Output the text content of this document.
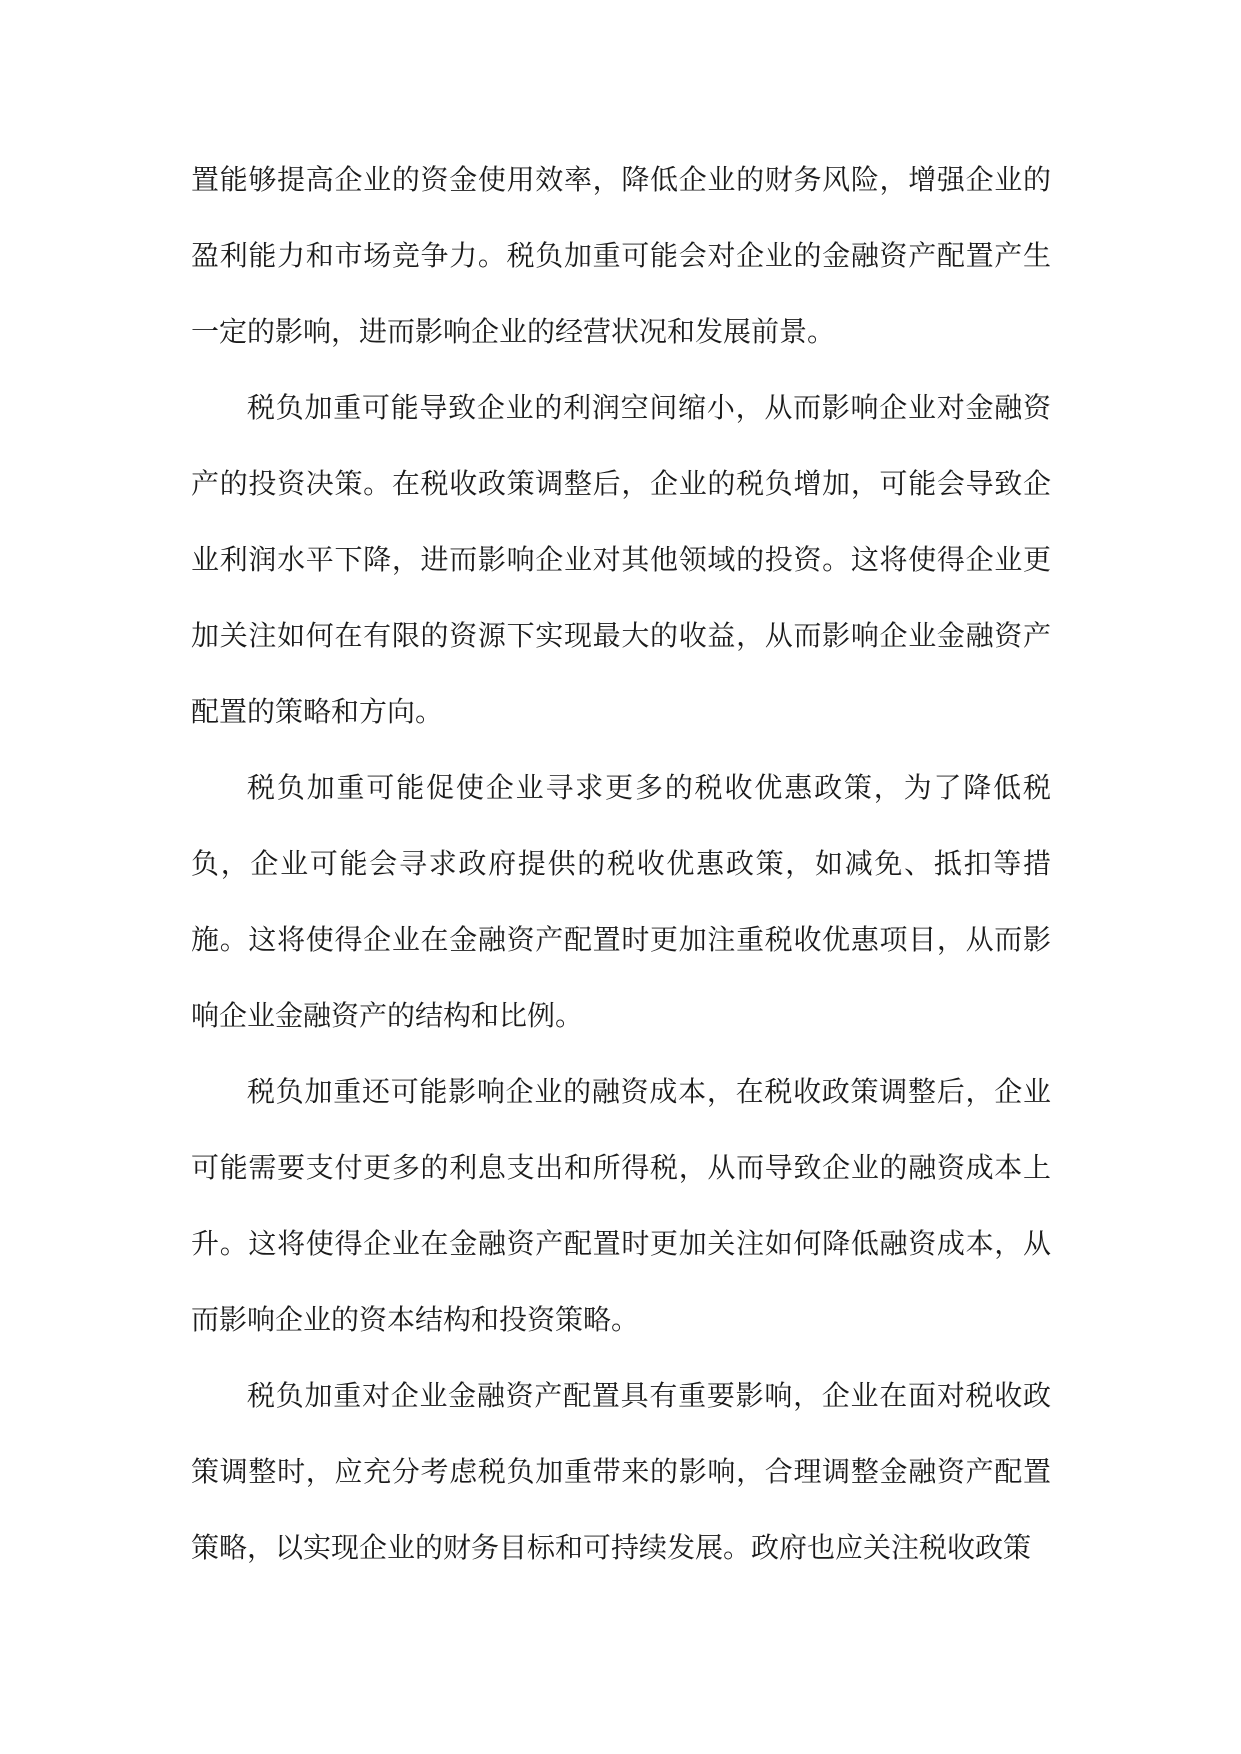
置能够提高企业的资金使用效率，降低企业的财务风险，增强企业的盈利能力和市场竞争力。税负加重可能会对企业的金融资产配置产生一定的影响，进而影响企业的经营状况和发展前景。

税负加重可能导致企业的利润空间缩小，从而影响企业对金融资产的投资决策。在税收政策调整后，企业的税负增加，可能会导致企业利润水平下降，进而影响企业对其他领域的投资。这将使得企业更加关注如何在有限的资源下实现最大的收益，从而影响企业金融资产配置的策略和方向。

税负加重可能促使企业寻求更多的税收优惠政策，为了降低税负，企业可能会寻求政府提供的税收优惠政策，如减免、抵扣等措施。这将使得企业在金融资产配置时更加注重税收优惠项目，从而影响企业金融资产的结构和比例。

税负加重还可能影响企业的融资成本，在税收政策调整后，企业可能需要支付更多的利息支出和所得税，从而导致企业的融资成本上升。这将使得企业在金融资产配置时更加关注如何降低融资成本，从而影响企业的资本结构和投资策略。

税负加重对企业金融资产配置具有重要影响，企业在面对税收政策调整时，应充分考虑税负加重带来的影响，合理调整金融资产配置策略，以实现企业的财务目标和可持续发展。政府也应关注税收政策
